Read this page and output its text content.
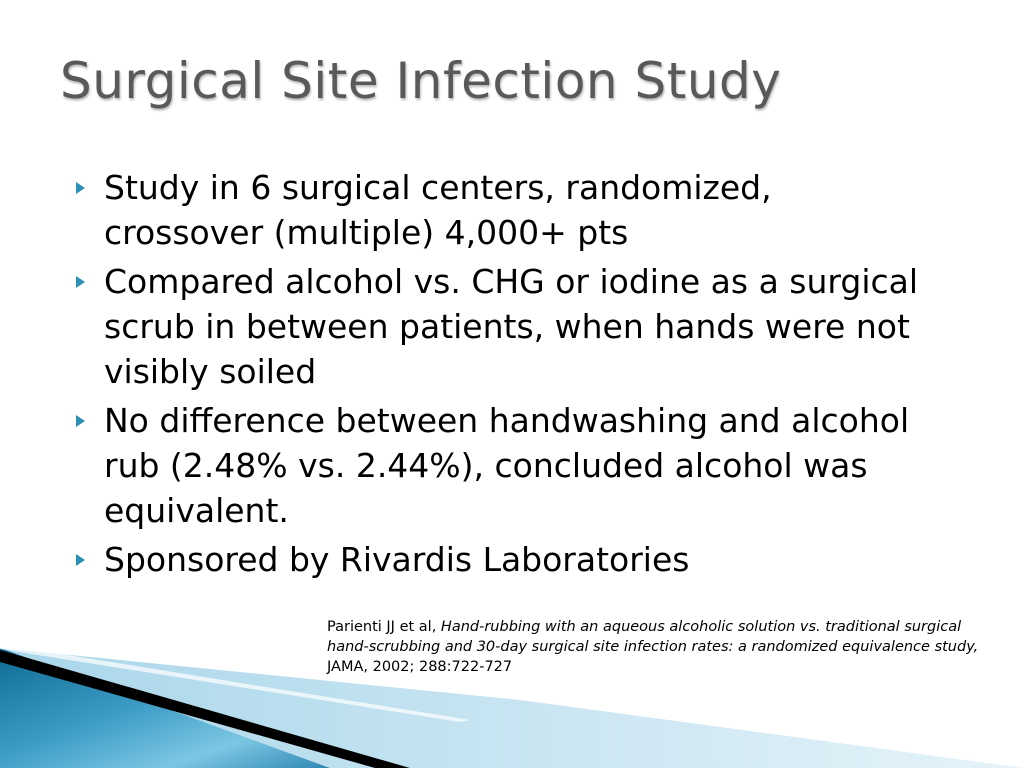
Surgical Site Infection Study
Study in 6 surgical centers, randomized, crossover (multiple) 4,000+ pts
Compared alcohol vs. CHG or iodine as a surgical scrub in between patients, when hands were not visibly soiled
No difference between handwashing and alcohol rub (2.48% vs. 2.44%), concluded alcohol was equivalent.
Sponsored by Rivardis Laboratories

Parienti JJ et al, Hand-rubbing with an aqueous alcoholic solution vs. traditional surgical hand-scrubbing and 30-day surgical site infection rates: a randomized equivalence study, JAMA, 2002; 288:722-727
